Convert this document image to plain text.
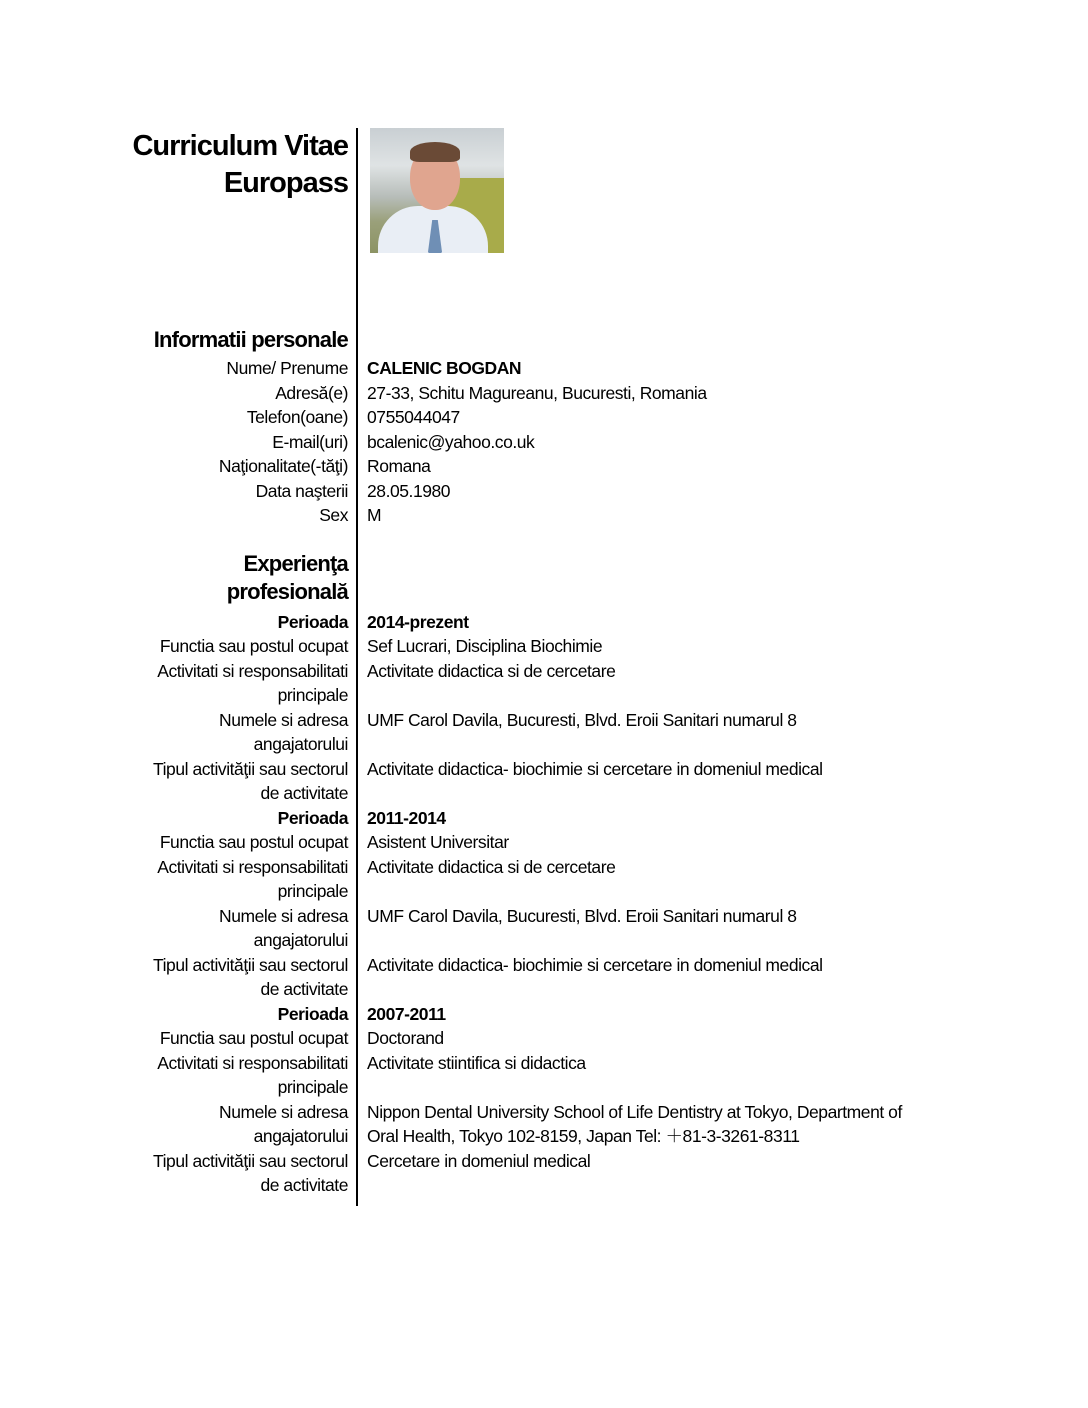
Curriculum Vitae
Europass
Informatii personale
Nume/ Prenume CALENIC BOGDAN
Adresă(e) 27-33, Schitu Magureanu, Bucuresti, Romania
Telefon(oane) 0755044047
E-mail(uri) bcalenic@yahoo.co.uk
Naţionalitate(-tăţi) Romana
Data naşterii 28.05.1980
Sex M
Experienţa
profesională
Perioada 2014-prezent
Functia sau postul ocupat Sef Lucrari, Disciplina Biochimie
Activitati si responsabilitati
principale
Activitate didactica si de cercetare
Numele si adresa
angajatorului
UMF Carol Davila, Bucuresti, Blvd. Eroii Sanitari numarul 8
Tipul activităţii sau sectorul
de activitate
Activitate didactica- biochimie si cercetare in domeniul medical
Perioada 2011-2014
Functia sau postul ocupat Asistent Universitar
Activitati si responsabilitati
principale
Activitate didactica si de cercetare
Numele si adresa
angajatorului
UMF Carol Davila, Bucuresti, Blvd. Eroii Sanitari numarul 8
Tipul activităţii sau sectorul
de activitate
Activitate didactica- biochimie si cercetare in domeniul medical
Perioada 2007-2011
Functia sau postul ocupat Doctorand
Activitati si responsabilitati
principale
Activitate stiintifica si didactica
Numele si adresa
angajatorului
Nippon Dental University School of Life Dentistry at Tokyo, Department of
Oral Health, Tokyo 102-8159, Japan Tel: ＋81-3-3261-8311
Tipul activităţii sau sectorul
de activitate
Cercetare in domeniul medical
